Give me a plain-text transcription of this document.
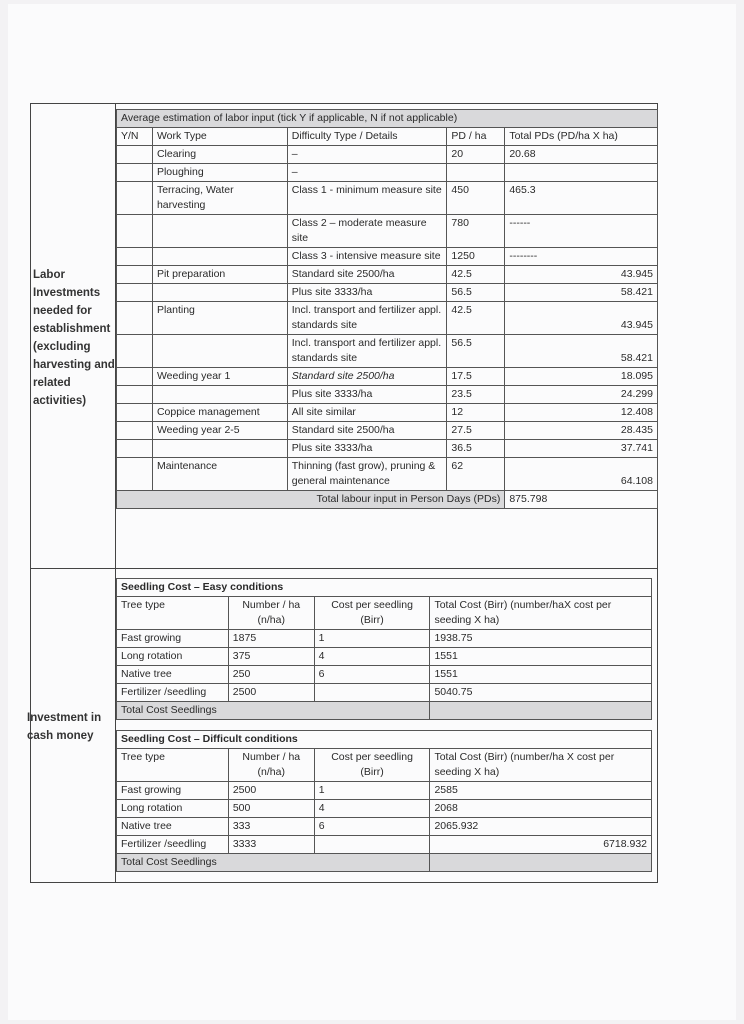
Labor Investments needed for establishment (excluding harvesting and related activities)
Investment in cash money
Average estimation of labor input (tick Y if applicable, N if not applicable)				
Y/N	Work Type	Difficulty Type / Details	PD / ha	Total PDs (PD/ha X ha)
	Clearing	–	20	20.68
	Ploughing	–		
	Terracing, Water harvesting	Class 1 - minimum measure site	450	465.3
		Class 2 – moderate measure site	780	------
		Class 3 - intensive measure site	1250	--------
	Pit preparation	Standard site 2500/ha	42.5	43.945
		Plus site 3333/ha	56.5	58.421
	Planting	Incl. transport and fertilizer appl. standards site	42.5	43.945
		Incl. transport and fertilizer appl. standards site	56.5	58.421
	Weeding year 1	Standard site 2500/ha	17.5	18.095
		Plus site 3333/ha	23.5	24.299
	Coppice management	All site similar	12	12.408
	Weeding year 2-5	Standard site 2500/ha	27.5	28.435
		Plus site 3333/ha	36.5	37.741
	Maintenance	Thinning (fast grow), pruning & general maintenance	62	64.108
Total labour input in Person Days (PDs)				875.798
Seedling Cost – Easy conditions			
Tree type	Number / ha (n/ha)	Cost per seedling (Birr)	Total Cost (Birr) (number/haX cost per seeding X ha)
Fast growing	1875	1	1938.75
Long rotation	375	4	1551
Native tree	250	6	1551
Fertilizer /seedling	2500		5040.75
Total Cost Seedlings			
Seedling Cost – Difficult conditions			
Tree type	Number / ha (n/ha)	Cost per seedling (Birr)	Total Cost (Birr) (number/ha X cost per seeding X ha)
Fast growing	2500	1	2585
Long rotation	500	4	2068
Native tree	333	6	2065.932
Fertilizer /seedling	3333		6718.932
Total Cost Seedlings			
